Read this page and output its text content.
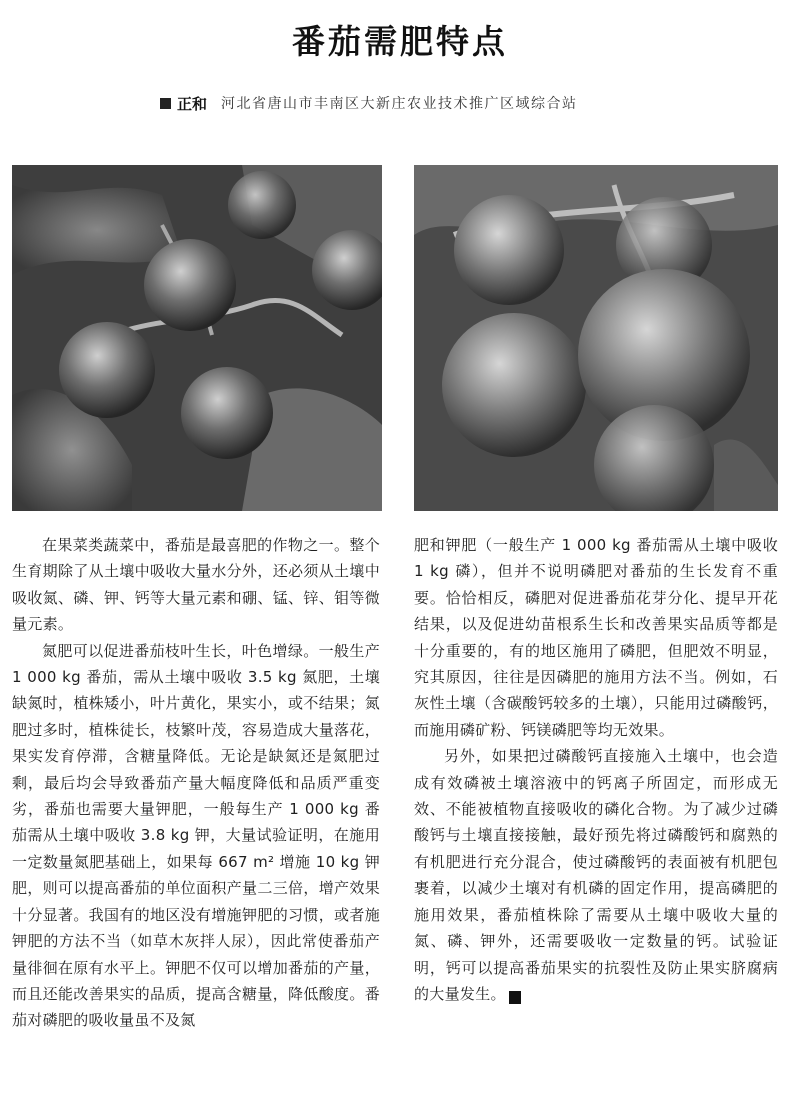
番茄需肥特点
正和 河北省唐山市丰南区大新庄农业技术推广区域综合站

在果菜类蔬菜中，番茄是最喜肥的作物之一。整个生育期除了从土壤中吸收大量水分外，还必须从土壤中吸收氮、磷、钾、钙等大量元素和硼、锰、锌、钼等微量元素。

氮肥可以促进番茄枝叶生长，叶色增绿。一般生产 1 000 kg 番茄，需从土壤中吸收 3.5 kg 氮肥，土壤缺氮时，植株矮小，叶片黄化，果实小，或不结果；氮肥过多时，植株徒长，枝繁叶茂，容易造成大量落花，果实发育停滞，含糖量降低。无论是缺氮还是氮肥过剩，最后均会导致番茄产量大幅度降低和品质严重变劣，番茄也需要大量钾肥，一般每生产 1 000 kg 番茄需从土壤中吸收 3.8 kg 钾，大量试验证明，在施用一定数量氮肥基础上，如果每 667 m² 增施 10 kg 钾肥，则可以提高番茄的单位面积产量二三倍，增产效果十分显著。我国有的地区没有增施钾肥的习惯，或者施钾肥的方法不当（如草木灰拌人尿），因此常使番茄产量徘徊在原有水平上。钾肥不仅可以增加番茄的产量，而且还能改善果实的品质，提高含糖量，降低酸度。番茄对磷肥的吸收量虽不及氮

肥和钾肥（一般生产 1 000 kg 番茄需从土壤中吸收 1 kg 磷），但并不说明磷肥对番茄的生长发育不重要。恰恰相反，磷肥对促进番茄花芽分化、提早开花结果，以及促进幼苗根系生长和改善果实品质等都是十分重要的，有的地区施用了磷肥，但肥效不明显，究其原因，往往是因磷肥的施用方法不当。例如，石灰性土壤（含碳酸钙较多的土壤），只能用过磷酸钙，而施用磷矿粉、钙镁磷肥等均无效果。

另外，如果把过磷酸钙直接施入土壤中，也会造成有效磷被土壤溶液中的钙离子所固定，而形成无效、不能被植物直接吸收的磷化合物。为了减少过磷酸钙与土壤直接接触，最好预先将过磷酸钙和腐熟的有机肥进行充分混合，使过磷酸钙的表面被有机肥包裹着，以减少土壤对有机磷的固定作用，提高磷肥的施用效果，番茄植株除了需要从土壤中吸收大量的氮、磷、钾外，还需要吸收一定数量的钙。试验证明，钙可以提高番茄果实的抗裂性及防止果实脐腐病的大量发生。	K
